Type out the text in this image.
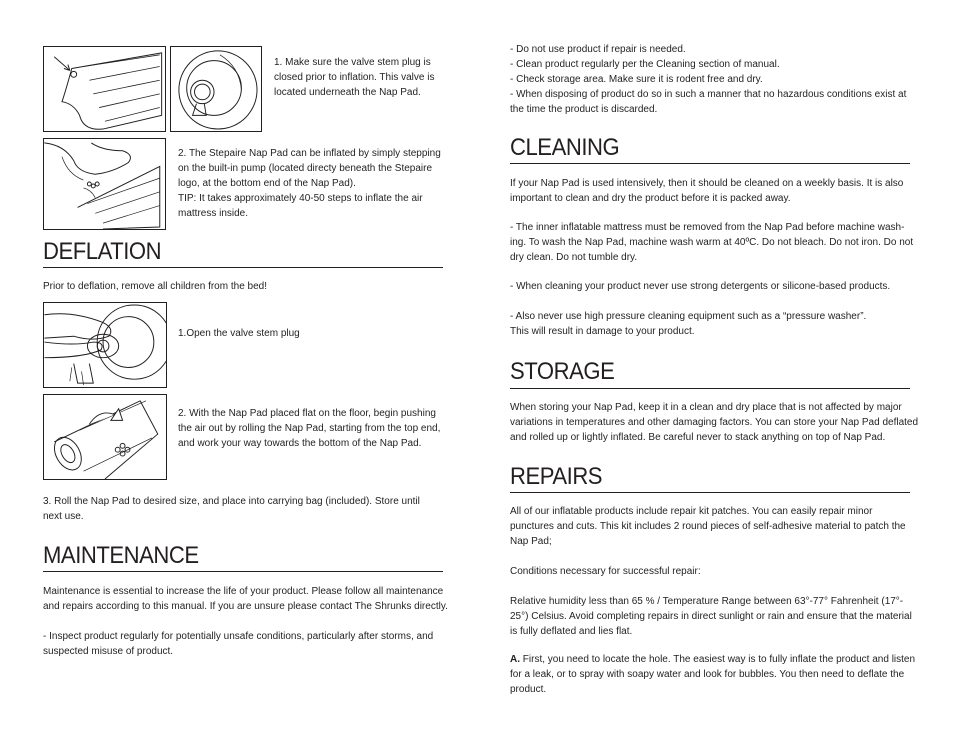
1. Make sure the valve stem plug is closed prior to inflation. This valve is located underneath the Nap Pad.
2. The Stepaire Nap Pad can be inflated by simply stepping
on the built-in pump (located directy beneath the Stepaire
logo, at the bottom end of the Nap Pad).
TIP: It takes approximately 40-50 steps to inflate the air
mattress inside.
DEFLATION
Prior to deflation, remove all children from the bed!
1.Open the valve stem plug
2. With the Nap Pad placed flat on the floor, begin pushing
the air out by rolling the Nap Pad, starting from the top end,
and work your way towards the bottom of the Nap Pad.
3. Roll the Nap Pad to desired size, and place into carrying bag (included). Store until
next use.
MAINTENANCE
Maintenance is essential to increase the life of your product. Please follow all maintenance
and repairs according to this manual. If you are unsure please contact The Shrunks directly.
- Inspect product regularly for potentially unsafe conditions, particularly after storms, and
suspected misuse of product.
- Do not use product if repair is needed.
- Clean product regularly per the Cleaning section of manual.
- Check storage area. Make sure it is rodent free and dry.
- When disposing of product do so in such a manner that no hazardous conditions exist at
the time the product is discarded.
CLEANING
If your Nap Pad is used intensively, then it should be cleaned on a weekly basis. It is also
important to clean and dry the product before it is packed away.
- The inner inflatable mattress must be removed from the Nap Pad before machine wash-
ing. To wash the Nap Pad, machine wash warm at 40ºC. Do not bleach. Do not iron. Do not
dry clean. Do not tumble dry.
- When cleaning your product never use strong detergents or silicone-based products.
- Also never use high pressure cleaning equipment such as a “pressure washer”.
This will result in damage to your product.
STORAGE
When storing your Nap Pad, keep it in a clean and dry place that is not affected by major
variations in temperatures and other damaging factors. You can store your Nap Pad deflated
and rolled up or lightly inflated. Be careful never to stack anything on top of Nap Pad.
REPAIRS
All of our inflatable products include repair kit patches. You can easily repair minor
punctures and cuts. This kit includes 2 round pieces of self-adhesive material to patch the
Nap Pad;
Conditions necessary for successful repair:
Relative humidity less than 65 % / Temperature Range between 63°-77° Fahrenheit (17°-
25°) Celsius. Avoid completing repairs in direct sunlight or rain and ensure that the material
is fully deflated and lies flat.
A. First, you need to locate the hole. The easiest way is to fully inflate the product and listen
for a leak, or to spray with soapy water and look for bubbles. You then need to deflate the
product.
